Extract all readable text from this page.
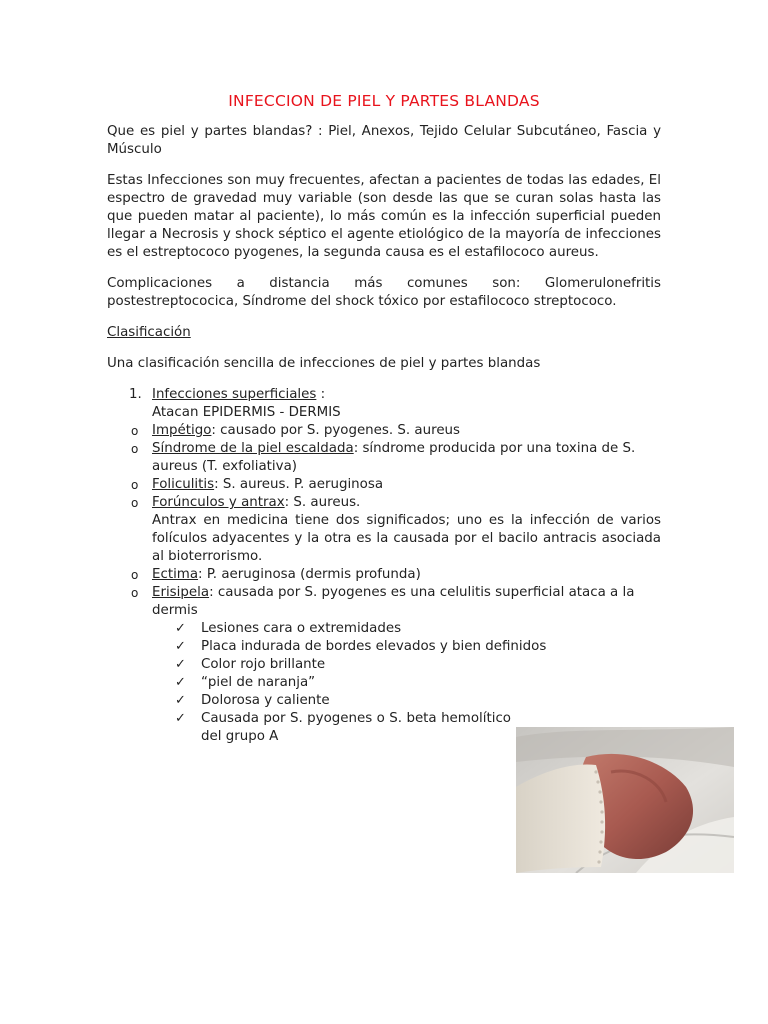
INFECCION DE PIEL Y PARTES BLANDAS

Que es piel y partes blandas? : Piel, Anexos, Tejido Celular Subcutáneo, Fascia y Músculo

Estas Infecciones son muy frecuentes, afectan a pacientes de todas las edades, El espectro de gravedad muy variable (son desde las que se curan solas hasta las que pueden matar al paciente), lo más común es la infección superficial pueden llegar a Necrosis y shock séptico el agente etiológico de la mayoría de infecciones es el estreptococo pyogenes, la segunda causa es el estafilococo aureus.

Complicaciones a distancia más comunes son: Glomerulonefritis postestreptococica, Síndrome del shock tóxico por estafilococo streptococo.

Clasificación

Una clasificación sencilla de infecciones de piel y partes blandas

1. Infecciones superficiales :
Atacan EPIDERMIS - DERMIS
o Impétigo: causado por S. pyogenes. S. aureus
o Síndrome de la piel escaldada: síndrome producida por una toxina de S. aureus (T. exfoliativa)
o Foliculitis: S. aureus. P. aeruginosa
o Forúnculos y antrax: S. aureus.

Antrax en medicina tiene dos significados; uno es la infección de varios folículos adyacentes y la otra es la causada por el bacilo antracis asociada al bioterrorismo.
o Ectima: P. aeruginosa (dermis profunda)
o Erisipela: causada por S. pyogenes es una celulitis superficial ataca a la dermis
✓ Lesiones cara o extremidades
✓ Placa indurada de bordes elevados y bien definidos
✓ Color rojo brillante
✓ “piel de naranja”
✓ Dolorosa y caliente
✓ Causada por S. pyogenes o S. beta hemolítico del grupo A
